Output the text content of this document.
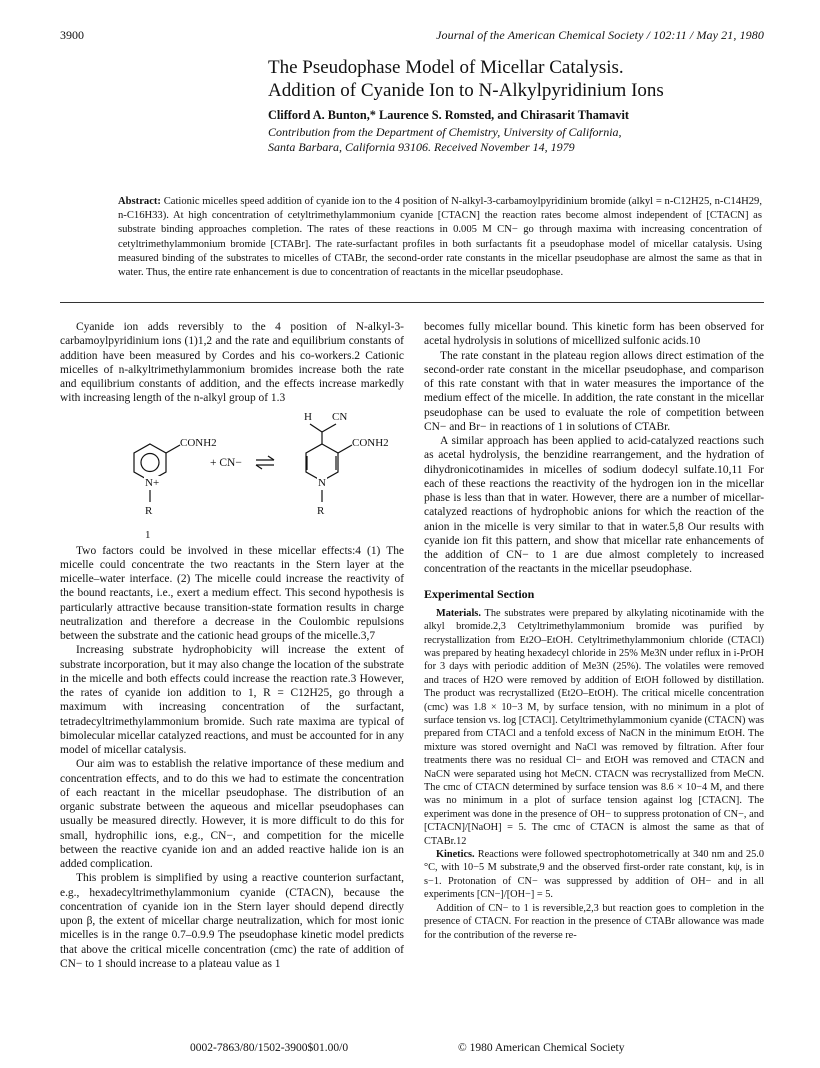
3900	Journal of the American Chemical Society / 102:11 / May 21, 1980
The Pseudophase Model of Micellar Catalysis.
Addition of Cyanide Ion to N-Alkylpyridinium Ions
Clifford A. Bunton,* Laurence S. Romsted, and Chirasarit Thamavit
Contribution from the Department of Chemistry, University of California,
Santa Barbara, California 93106. Received November 14, 1979
Abstract: Cationic micelles speed addition of cyanide ion to the 4 position of N-alkyl-3-carbamoylpyridinium bromide (alkyl = n-C12H25, n-C14H29, n-C16H33). At high concentration of cetyltrimethylammonium cyanide [CTACN] the reaction rates become almost independent of [CTACN] as substrate binding approaches completion. The rates of these reactions in 0.005 M CN− go through maxima with increasing concentration of cetyltrimethylammonium bromide [CTABr]. The rate-surfactant profiles in both surfactants fit a pseudophase model of micellar catalysis. Using measured binding of the substrates to micelles of CTABr, the second-order rate constants in the micellar pseudophase are almost the same as that in water. Thus, the entire rate enhancement is due to concentration of reactants in the micellar pseudophase.

Cyanide ion adds reversibly to the 4 position of N-alkyl-3-carbamoylpyridinium ions (1)1,2 and the rate and equilibrium constants of addition have been measured by Cordes and his co-workers.2 Cationic micelles of n-alkyltrimethylammonium bromides increase both the rate and equilibrium constants of addition, and the effects increase markedly with increasing length of the n-alkyl group of 1.3

H CN
CONH2	CONH2
N+	N
R	R
+ CN−
1

Two factors could be involved in these micellar effects:4 (1) The micelle could concentrate the two reactants in the Stern layer at the micelle–water interface. (2) The micelle could increase the reactivity of the bound reactants, i.e., exert a medium effect. This second hypothesis is particularly attractive because transition-state formation results in charge neutralization and therefore a decrease in the Coulombic repulsions between the substrate and the cationic head groups of the micelle.3,7

Increasing substrate hydrophobicity will increase the extent of substrate incorporation, but it may also change the location of the substrate in the micelle and both effects could increase the reaction rate.3 However, the rates of cyanide ion addition to 1, R = C12H25, go through a maximum with increasing concentration of the surfactant, tetradecyltrimethylammonium bromide. Such rate maxima are typical of bimolecular micellar catalyzed reactions, and must be accounted for in any model of micellar catalysis.

Our aim was to establish the relative importance of these medium and concentration effects, and to do this we had to estimate the concentration of each reactant in the micellar pseudophase. The distribution of an organic substrate between the aqueous and micellar pseudophases can usually be measured directly. However, it is more difficult to do this for small, hydrophilic ions, e.g., CN−, and competition for the micelle between the reactive cyanide ion and an added reactive halide ion is an added complication.

This problem is simplified by using a reactive counterion surfactant, e.g., hexadecyltrimethylammonium cyanide (CTACN), because the concentration of cyanide ion in the Stern layer should depend directly upon β, the extent of micellar charge neutralization, which for most ionic micelles is in the range 0.7–0.9.9 The pseudophase kinetic model predicts that above the critical micelle concentration (cmc) the rate of addition of CN− to 1 should increase to a plateau value as 1

becomes fully micellar bound. This kinetic form has been observed for acetal hydrolysis in solutions of micellized sulfonic acids.10

The rate constant in the plateau region allows direct estimation of the second-order rate constant in the micellar pseudophase, and comparison of this rate constant with that in water measures the importance of the medium effect of the micelle. In addition, the rate constant in the micellar pseudophase can be used to evaluate the role of competition between CN− and Br− in reactions of 1 in solutions of CTABr.

A similar approach has been applied to acid-catalyzed reactions such as acetal hydrolysis, the benzidine rearrangement, and the hydration of dihydronicotinamides in micelles of sodium dodecyl sulfate.10,11 For each of these reactions the reactivity of the hydrogen ion in the micellar phase is less than that in water. However, there are a number of micellar-catalyzed reactions of hydrophobic anions for which the reaction of the anion in the micelle is very similar to that in water.5,8 Our results with cyanide ion fit this pattern, and show that micellar rate enhancements of the addition of CN− to 1 are due almost completely to increased concentration of the reactants in the micellar pseudophase.

Experimental Section

Materials. The substrates were prepared by alkylating nicotinamide with the alkyl bromide.2,3 Cetyltrimethylammonium bromide was purified by recrystallization from Et2O–EtOH. Cetyltrimethylammonium chloride (CTACl) was prepared by heating hexadecyl chloride in 25% Me3N under reflux in i-PrOH for 3 days with periodic addition of Me3N (25%). The volatiles were removed and traces of H2O were removed by addition of EtOH followed by distillation. The product was recrystallized (Et2O–EtOH). The critical micelle concentration (cmc) was 1.8 × 10−3 M, by surface tension, with no minimum in a plot of surface tension vs. log [CTACl]. Cetyltrimethylammonium cyanide (CTACN) was prepared from CTACl and a tenfold excess of NaCN in the minimum EtOH. The mixture was stored overnight and NaCl was removed by filtration. After four treatments there was no residual Cl− and EtOH was removed and CTACN and NaCN were separated using hot MeCN. CTACN was recrystallized from MeCN. The cmc of CTACN determined by surface tension was 8.6 × 10−4 M, and there was no minimum in a plot of surface tension against log [CTACN]. The experiment was done in the presence of OH− to suppress protonation of CN−, and [CTACN]/[NaOH] = 5. The cmc of CTACN is almost the same as that of CTABr.12

Kinetics. Reactions were followed spectrophotometrically at 340 nm and 25.0 °C, with 10−5 M substrate,9 and the observed first-order rate constant, kψ, is in s−1. Protonation of CN− was suppressed by addition of OH− and in all experiments [CN−]/[OH−] = 5.

Addition of CN− to 1 is reversible,2,3 but reaction goes to completion in the presence of CTACN. For reaction in the presence of CTABr allowance was made for the contribution of the reverse re-

0002-7863/80/1502-3900$01.00/0	© 1980 American Chemical Society
